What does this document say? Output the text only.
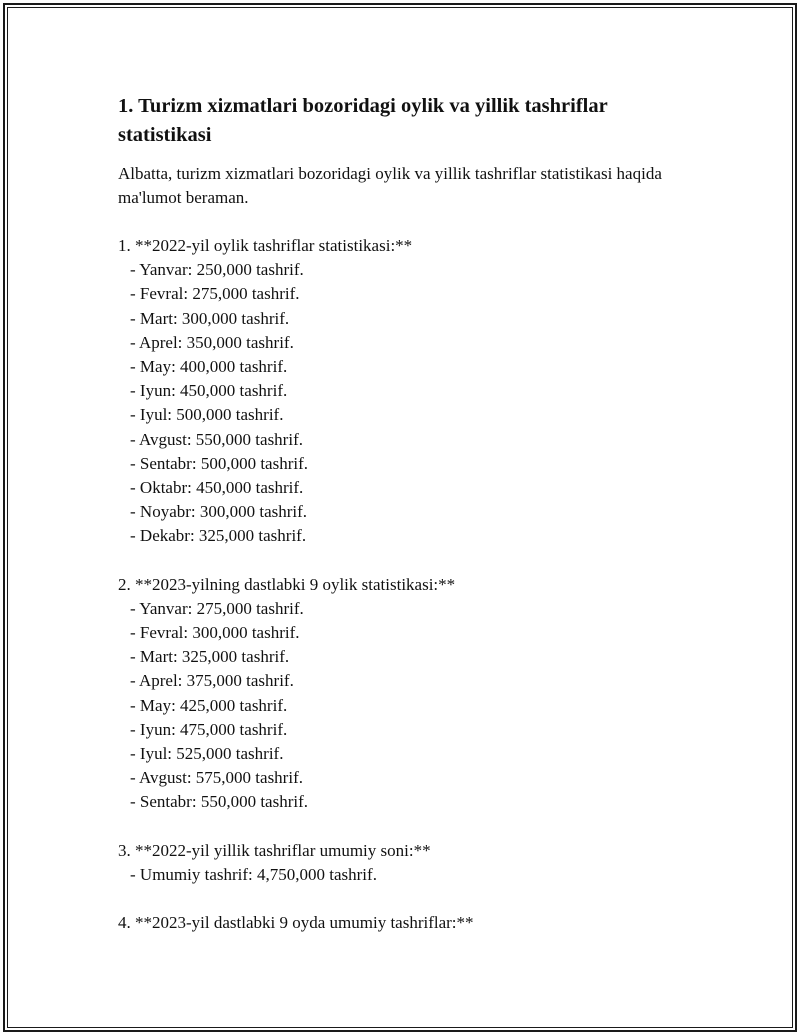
1. Turizm xizmatlari bozoridagi oylik va yillik tashriflar statistikasi

Albatta, turizm xizmatlari bozoridagi oylik va yillik tashriflar statistikasi haqida ma'lumot beraman.

1. **2022-yil oylik tashriflar statistikasi:**

- Yanvar: 250,000 tashrif.

- Fevral: 275,000 tashrif.

- Mart: 300,000 tashrif.

- Aprel: 350,000 tashrif.

- May: 400,000 tashrif.

- Iyun: 450,000 tashrif.

- Iyul: 500,000 tashrif.

- Avgust: 550,000 tashrif.

- Sentabr: 500,000 tashrif.

- Oktabr: 450,000 tashrif.

- Noyabr: 300,000 tashrif.

- Dekabr: 325,000 tashrif.

2. **2023-yilning dastlabki 9 oylik statistikasi:**

- Yanvar: 275,000 tashrif.

- Fevral: 300,000 tashrif.

- Mart: 325,000 tashrif.

- Aprel: 375,000 tashrif.

- May: 425,000 tashrif.

- Iyun: 475,000 tashrif.

- Iyul: 525,000 tashrif.

- Avgust: 575,000 tashrif.

- Sentabr: 550,000 tashrif.

3. **2022-yil yillik tashriflar umumiy soni:**

- Umumiy tashrif: 4,750,000 tashrif.

4. **2023-yil dastlabki 9 oyda umumiy tashriflar:**
